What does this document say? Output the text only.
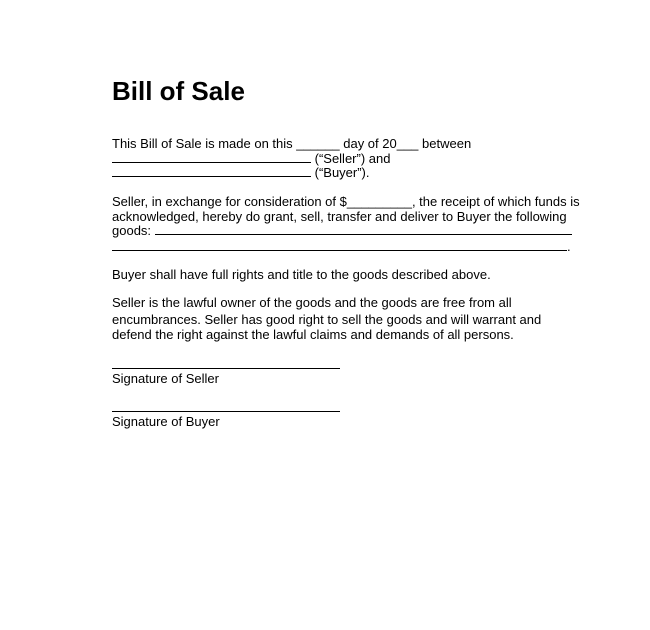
Bill of Sale
This Bill of Sale is made on this ______ day of 20___ between
(“Seller”) and
(“Buyer”).
Seller, in exchange for consideration of $_________, the receipt of which funds is
acknowledged, hereby do grant, sell, transfer and deliver to Buyer the following
goods:
.
Buyer shall have full rights and title to the goods described above.
Seller is the lawful owner of the goods and the goods are free from all
encumbrances. Seller has good right to sell the goods and will warrant and
defend the right against the lawful claims and demands of all persons.
Signature of Seller
Signature of Buyer
